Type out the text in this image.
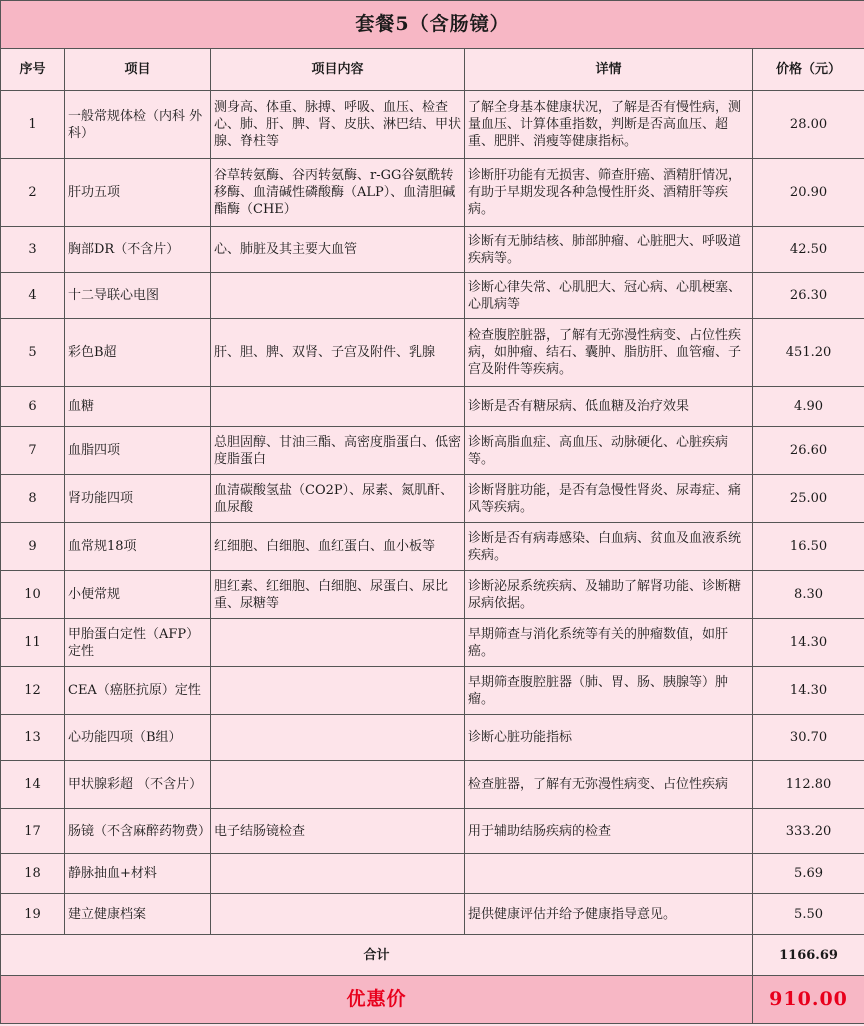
套餐5（含肠镜）				
序号	项目	项目内容	详情	价格（元）
1	一般常规体检（内科 外科）	测身高、体重、脉搏、呼吸、血压、检查心、肺、肝、脾、肾、皮肤、淋巴结、甲状腺、脊柱等	了解全身基本健康状况，了解是否有慢性病，测量血压、计算体重指数，判断是否高血压、超重、肥胖、消瘦等健康指标。	28.00
2	肝功五项	谷草转氨酶、谷丙转氨酶、r-GG谷氨酰转移酶、血清碱性磷酸酶（ALP）、血清胆碱酯酶（CHE）	诊断肝功能有无损害、筛查肝癌、酒精肝情况，有助于早期发现各种急慢性肝炎、酒精肝等疾病。	20.90
3	胸部DR（不含片）	心、肺脏及其主要大血管	诊断有无肺结核、肺部肿瘤、心脏肥大、呼吸道疾病等。	42.50
4	十二导联心电图		诊断心律失常、心肌肥大、冠心病、心肌梗塞、心肌病等	26.30
5	彩色B超	肝、胆、脾、双肾、子宫及附件、乳腺	检查腹腔脏器，了解有无弥漫性病变、占位性疾病，如肿瘤、结石、囊肿、脂肪肝、血管瘤、子宫及附件等疾病。	451.20
6	血糖		诊断是否有糖尿病、低血糖及治疗效果	4.90
7	血脂四项	总胆固醇、甘油三酯、高密度脂蛋白、低密度脂蛋白	诊断高脂血症、高血压、动脉硬化、心脏疾病等。	26.60
8	肾功能四项	血清碳酸氢盐（CO2P）、尿素、氮肌酐、血尿酸	诊断肾脏功能，是否有急慢性肾炎、尿毒症、痛风等疾病。	25.00
9	血常规18项	红细胞、白细胞、血红蛋白、血小板等	诊断是否有病毒感染、白血病、贫血及血液系统疾病。	16.50
10	小便常规	胆红素、红细胞、白细胞、尿蛋白、尿比重、尿糖等	诊断泌尿系统疾病、及辅助了解肾功能、诊断糖尿病依据。	8.30
11	甲胎蛋白定性（AFP）定性		早期筛查与消化系统等有关的肿瘤数值，如肝癌。	14.30
12	CEA（癌胚抗原）定性		早期筛查腹腔脏器（肺、胃、肠、胰腺等）肿瘤。	14.30
13	心功能四项（B组）		诊断心脏功能指标	30.70
14	甲状腺彩超 （不含片）		检查脏器，了解有无弥漫性病变、占位性疾病	112.80
17	肠镜（不含麻醉药物费）	电子结肠镜检查	用于辅助结肠疾病的检查	333.20
18	静脉抽血+材料			5.69
19	建立健康档案		提供健康评估并给予健康指导意见。	5.50
合计				1166.69
优惠价				910.00
